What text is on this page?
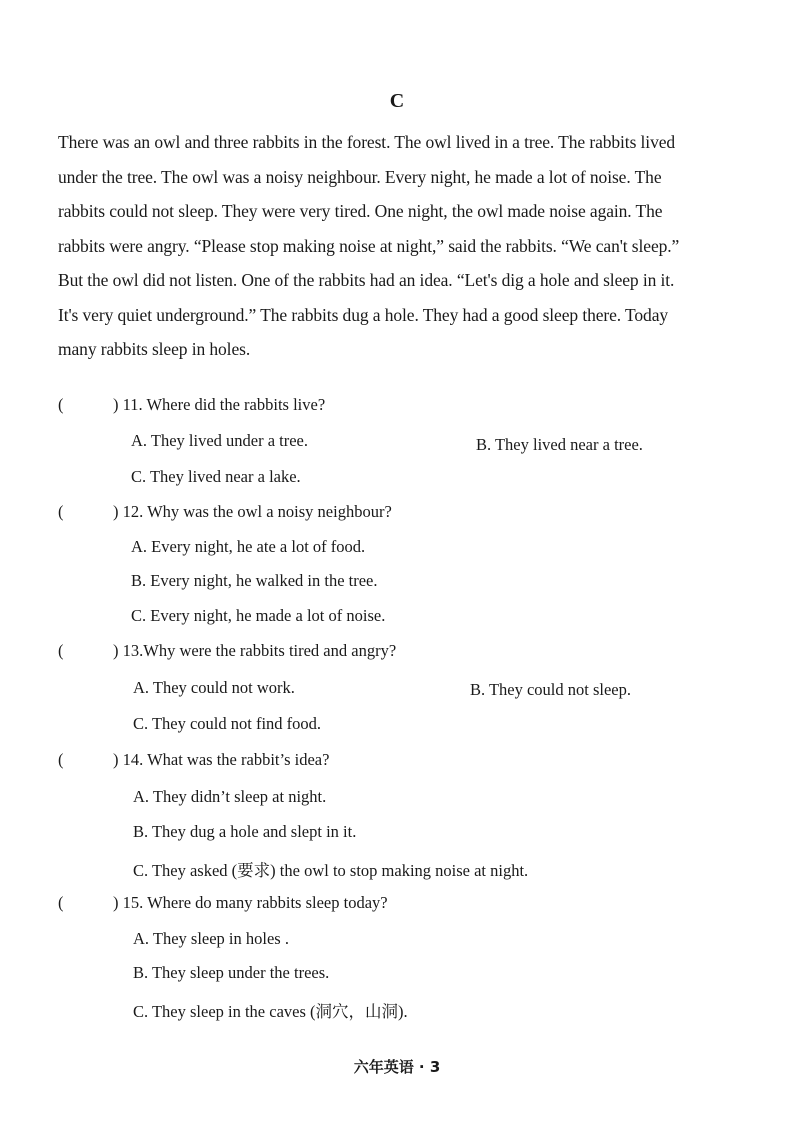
C
There was an owl and three rabbits in the forest. The owl lived in a tree. The rabbits lived
under the tree. The owl was a noisy neighbour. Every night, he made a lot of noise. The
rabbits could not sleep. They were very tired. One night, the owl made noise again. The
rabbits were angry. “Please stop making noise at night,” said the rabbits. “We can't sleep.”
But the owl did not listen. One of the rabbits had an idea. “Let's dig a hole and sleep in it.
It's very quiet underground.” The rabbits dug a hole. They had a good sleep there. Today
many rabbits sleep in holes.
(	) 11. Where did the rabbits live?
A. They lived under a tree.	B. They lived near a tree.
C. They lived near a lake.
(	) 12. Why was the owl a noisy neighbour?
A. Every night, he ate a lot of food.
B. Every night, he walked in the tree.
C. Every night, he made a lot of noise.
(	) 13.Why were the rabbits tired and angry?
A. They could not work.	B. They could not sleep.
C. They could not find food.
(	) 14. What was the rabbit’s idea?
A. They didn’t sleep at night.
B. They dug a hole and slept in it.
C. They asked (要求) the owl to stop making noise at night.
(	) 15. Where do many rabbits sleep today?
A. They sleep in holes .
B. They sleep under the trees.
C. They sleep in the caves (洞穴，山洞).
六年英语 · 3
